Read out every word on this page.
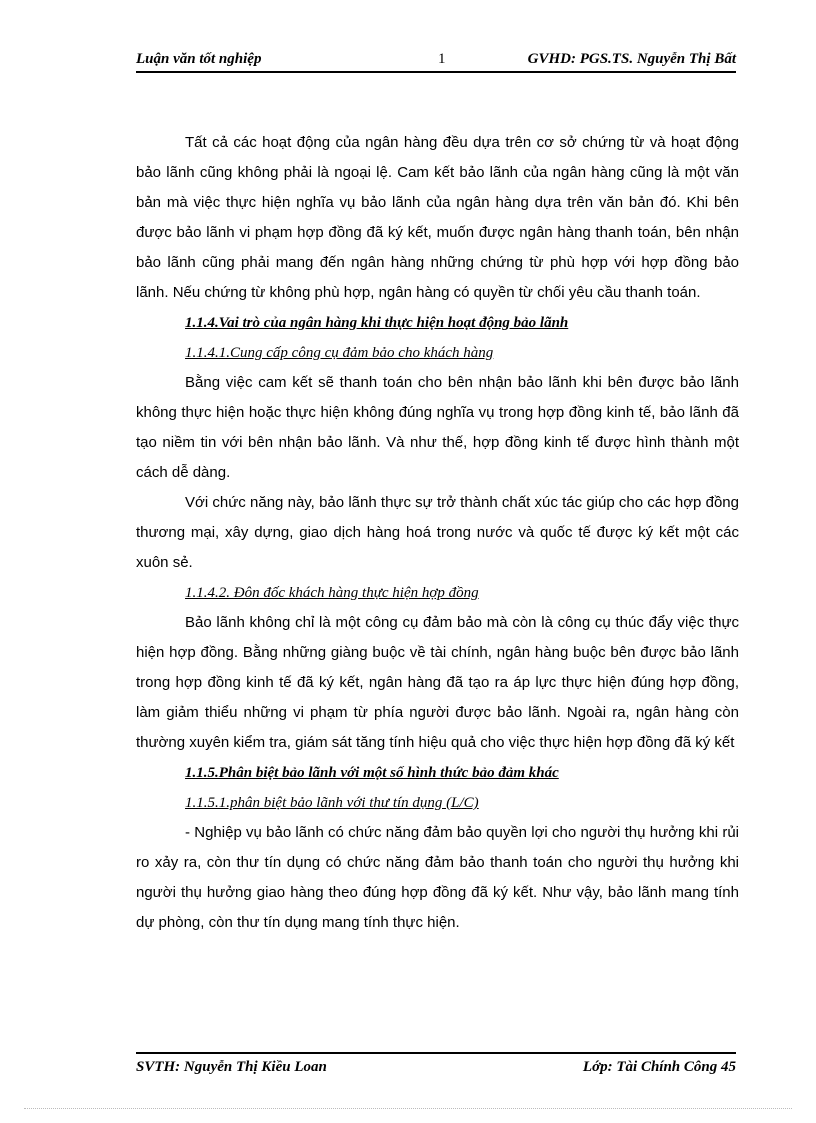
Luận văn tốt nghiệp	1	GVHD: PGS.TS. Nguyễn Thị Bất

Tất cả các hoạt động của ngân hàng đều dựa trên cơ sở chứng từ và hoạt động bảo lãnh cũng không phải là ngoại lệ. Cam kết bảo lãnh của ngân hàng cũng là một văn bản mà việc thực hiện nghĩa vụ bảo lãnh của ngân hàng dựa trên văn bản đó. Khi bên được bảo lãnh vi phạm hợp đồng đã ký kết, muốn được ngân hàng thanh toán, bên nhận bảo lãnh cũng phải mang đến ngân hàng những chứng từ phù hợp với hợp đồng bảo lãnh. Nếu chứng từ không phù hợp, ngân hàng có quyền từ chối yêu cầu thanh toán.

1.1.4.Vai trò của ngân hàng khi thực hiện hoạt động bảo lãnh
1.1.4.1.Cung cấp công cụ đảm bảo cho khách hàng

Bằng việc cam kết sẽ thanh toán cho bên nhận bảo lãnh khi bên được bảo lãnh không thực hiện hoặc thực hiện không đúng nghĩa vụ trong hợp đồng kinh tế, bảo lãnh đã tạo niềm tin với bên nhận bảo lãnh. Và như thế, hợp đồng kinh tế được hình thành một cách dễ dàng.

Với chức năng này, bảo lãnh thực sự trở thành chất xúc tác giúp cho các hợp đồng thương mại, xây dựng, giao dịch hàng hoá trong nước và quốc tế được ký kết một các xuôn sẻ.

1.1.4.2. Đôn đốc khách hàng thực hiện hợp đồng

Bảo lãnh không chỉ là một công cụ đảm bảo mà còn là công cụ thúc đẩy việc thực hiện hợp đồng. Bằng những giàng buộc về tài chính, ngân hàng buộc bên được bảo lãnh trong hợp đồng kinh tế đã ký kết, ngân hàng đã tạo ra áp lực thực hiện đúng hợp đồng, làm giảm thiểu những vi phạm từ phía người được bảo lãnh. Ngoài ra, ngân hàng còn thường xuyên kiểm tra, giám sát tăng tính hiệu quả cho việc thực hiện hợp đồng đã ký kết

1.1.5.Phân biệt bảo lãnh với một số hình thức bảo đảm khác
1.1.5.1.phân biệt bảo lãnh với thư tín dụng (L/C)

- Nghiệp vụ bảo lãnh có chức năng đảm bảo quyền lợi cho người thụ hưởng khi rủi ro xảy ra, còn thư tín dụng có chức năng đảm bảo thanh toán cho người thụ hưởng khi người thụ hưởng giao hàng theo đúng hợp đồng đã ký kết. Như vậy, bảo lãnh mang tính dự phòng, còn thư tín dụng mang tính thực hiện.

SVTH: Nguyễn Thị Kiều Loan	Lớp: Tài Chính Công 45
